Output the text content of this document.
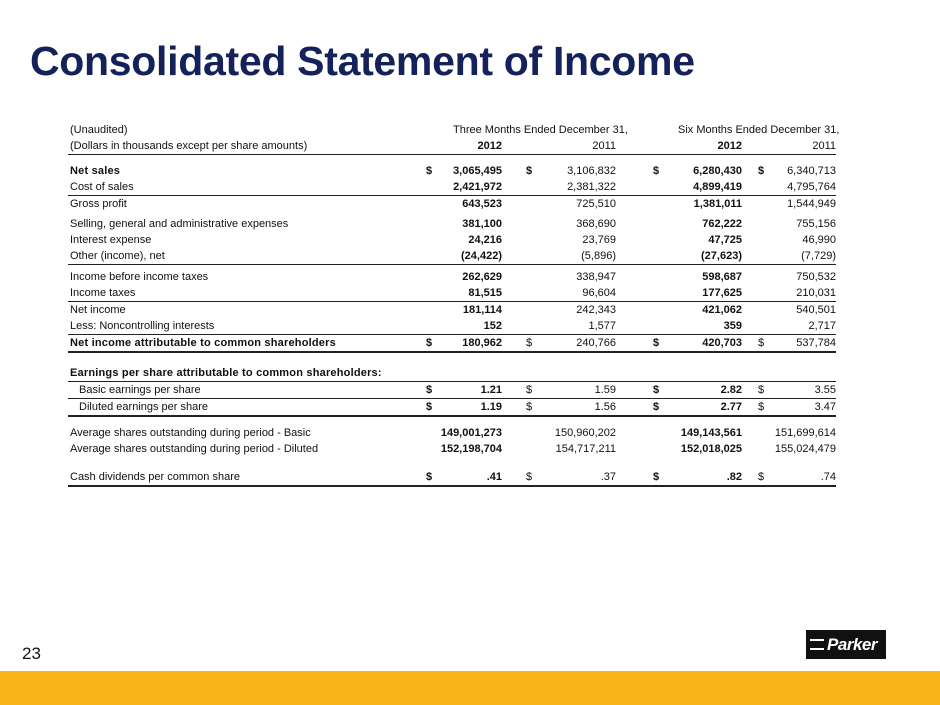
Consolidated Statement of Income
(Unaudited)	Three Months Ended December 31,	Six Months Ended December 31,
(Dollars in thousands except per share amounts)	2012	2011	2012	2011
Net sales	$ 3,065,495 $	3,106,832	$	6,280,430 $ 6,340,713
Cost of sales	2,421,972	2,381,322	4,899,419	4,795,764
Gross profit	643,523	725,510	1,381,011	1,544,949
Selling, general and administrative expenses	381,100	368,690	762,222	755,156
Interest expense	24,216	23,769	47,725	46,990
Other (income), net	(24,422)	(5,896)	(27,623)	(7,729)
Income before income taxes	262,629	338,947	598,687	750,532
Income taxes	81,515	96,604	177,625	210,031
Net income	181,114	242,343	421,062	540,501
Less: Noncontrolling interests	152	1,577	359	2,717
Net income attributable to common shareholders	$	180,962 $	240,766	$	420,703 $	537,784
Earnings per share attributable to common shareholders:
Basic earnings per share	$	1.21 $	1.59	$	2.82 $	3.55
Diluted earnings per share	$	1.19 $	1.56	$	2.77 $	3.47
Average shares outstanding during period - Basic	149,001,273	150,960,202	149,143,561	151,699,614
Average shares outstanding during period - Diluted	152,198,704	154,717,211	152,018,025	155,024,479
Cash dividends per common share	$	.41 $	.37	$	.82 $	.74
23	Parker
